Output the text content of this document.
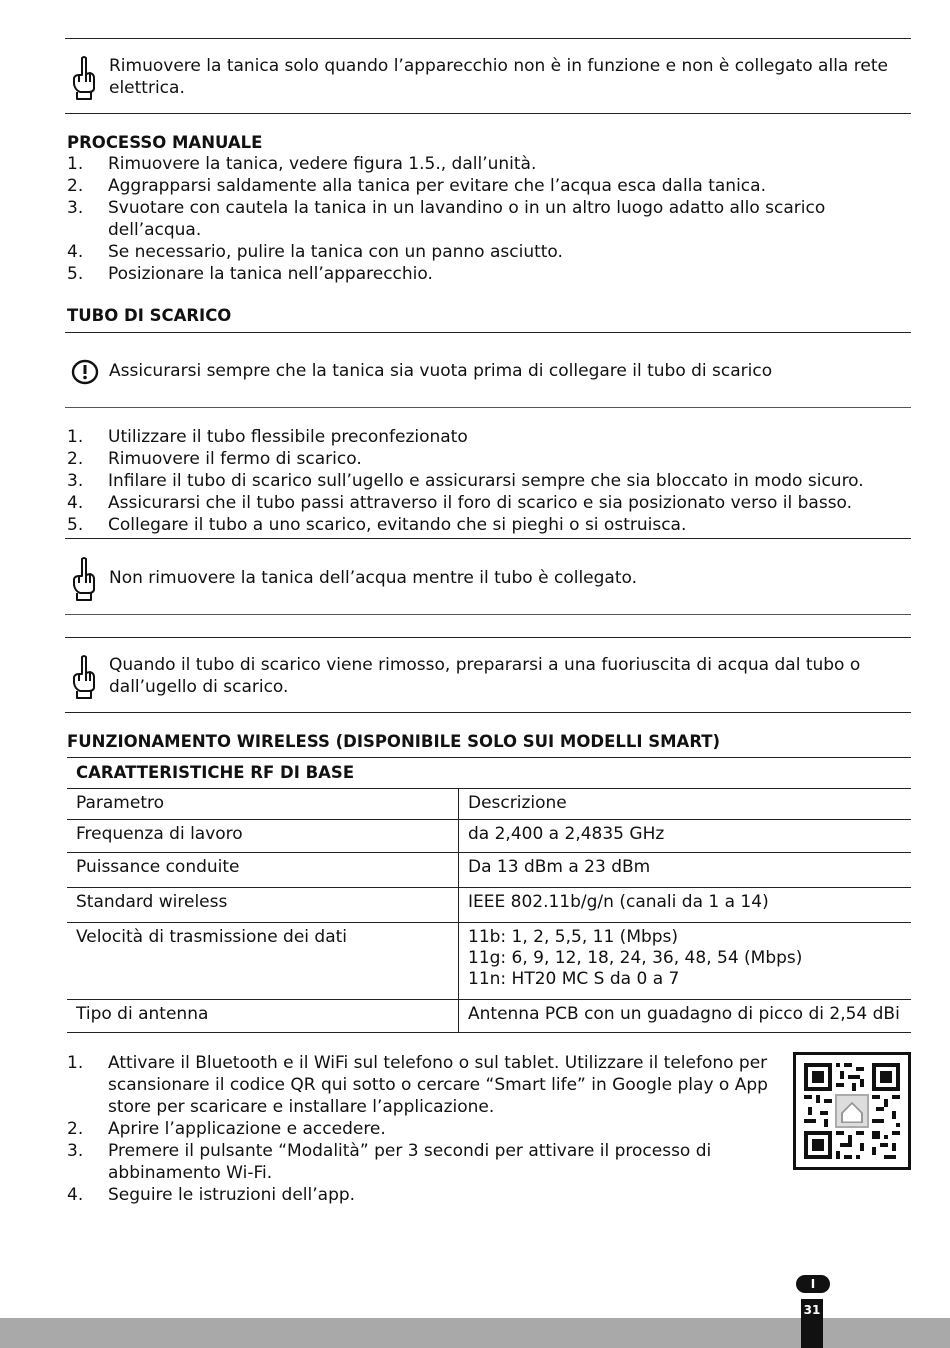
Rimuovere la tanica solo quando l’apparecchio non è in funzione e non è collegato alla rete elettrica.
PROCESSO MANUALE
1. Rimuovere la tanica, vedere figura 1.5., dall’unità.
2. Aggrapparsi saldamente alla tanica per evitare che l’acqua esca dalla tanica.
3. Svuotare con cautela la tanica in un lavandino o in un altro luogo adatto allo scarico dell’acqua.
4. Se necessario, pulire la tanica con un panno asciutto.
5. Posizionare la tanica nell’apparecchio.
TUBO DI SCARICO
Assicurarsi sempre che la tanica sia vuota prima di collegare il tubo di scarico
1. Utilizzare il tubo flessibile preconfezionato
2. Rimuovere il fermo di scarico.
3. Infilare il tubo di scarico sull’ugello e assicurarsi sempre che sia bloccato in modo sicuro.
4. Assicurarsi che il tubo passi attraverso il foro di scarico e sia posizionato verso il basso.
5. Collegare il tubo a uno scarico, evitando che si pieghi o si ostruisca.
Non rimuovere la tanica dell’acqua mentre il tubo è collegato.
Quando il tubo di scarico viene rimosso, prepararsi a una fuoriuscita di acqua dal tubo o dall’ugello di scarico.
FUNZIONAMENTO WIRELESS (DISPONIBILE SOLO SUI MODELLI SMART)
CARATTERISTICHE RF DI BASE	
Parametro	Descrizione
Frequenza di lavoro	da 2,400 a 2,4835 GHz
Puissance conduite	Da 13 dBm a 23 dBm
Standard wireless	IEEE 802.11b/g/n (canali da 1 a 14)
Velocità di trasmissione dei dati	11b: 1, 2, 5,5, 11 (Mbps)
11g: 6, 9, 12, 18, 24, 36, 48, 54 (Mbps)
11n: HT20 MC S da 0 a 7

Tipo di antenna	Antenna PCB con un guadagno di picco di 2,54 dBi
1. Attivare il Bluetooth e il WiFi sul telefono o sul tablet. Utilizzare il telefono per scansionare il codice QR qui sotto o cercare “Smart life” in Google play o App store per scaricare e installare l’applicazione.
2. Aprire l’applicazione e accedere.
3. Premere il pulsante “Modalità” per 3 secondi per attivare il processo di abbinamento Wi-Fi.
4. Seguire le istruzioni dell’app.
I
31
